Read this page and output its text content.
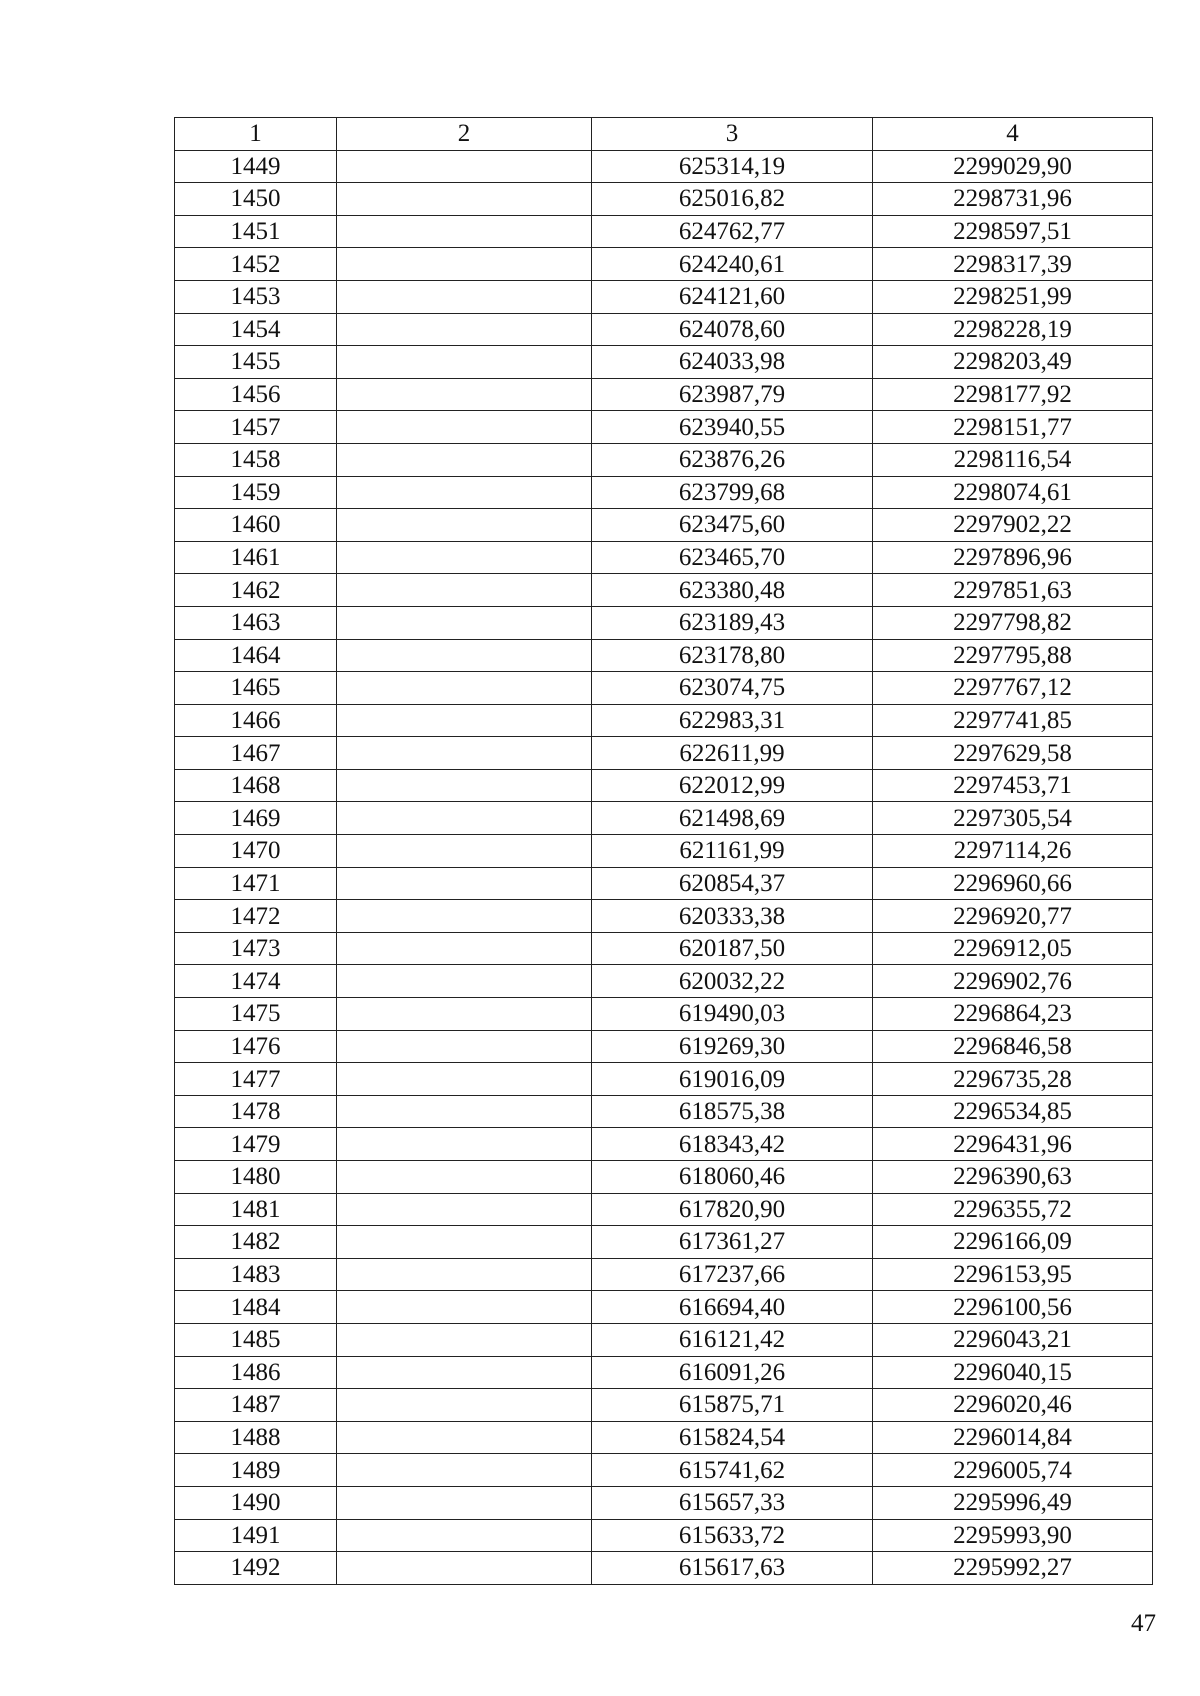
1	2	3	4
1449		625314,19	2299029,90
1450		625016,82	2298731,96
1451		624762,77	2298597,51
1452		624240,61	2298317,39
1453		624121,60	2298251,99
1454		624078,60	2298228,19
1455		624033,98	2298203,49
1456		623987,79	2298177,92
1457		623940,55	2298151,77
1458		623876,26	2298116,54
1459		623799,68	2298074,61
1460		623475,60	2297902,22
1461		623465,70	2297896,96
1462		623380,48	2297851,63
1463		623189,43	2297798,82
1464		623178,80	2297795,88
1465		623074,75	2297767,12
1466		622983,31	2297741,85
1467		622611,99	2297629,58
1468		622012,99	2297453,71
1469		621498,69	2297305,54
1470		621161,99	2297114,26
1471		620854,37	2296960,66
1472		620333,38	2296920,77
1473		620187,50	2296912,05
1474		620032,22	2296902,76
1475		619490,03	2296864,23
1476		619269,30	2296846,58
1477		619016,09	2296735,28
1478		618575,38	2296534,85
1479		618343,42	2296431,96
1480		618060,46	2296390,63
1481		617820,90	2296355,72
1482		617361,27	2296166,09
1483		617237,66	2296153,95
1484		616694,40	2296100,56
1485		616121,42	2296043,21
1486		616091,26	2296040,15
1487		615875,71	2296020,46
1488		615824,54	2296014,84
1489		615741,62	2296005,74
1490		615657,33	2295996,49
1491		615633,72	2295993,90
1492		615617,63	2295992,27
47
